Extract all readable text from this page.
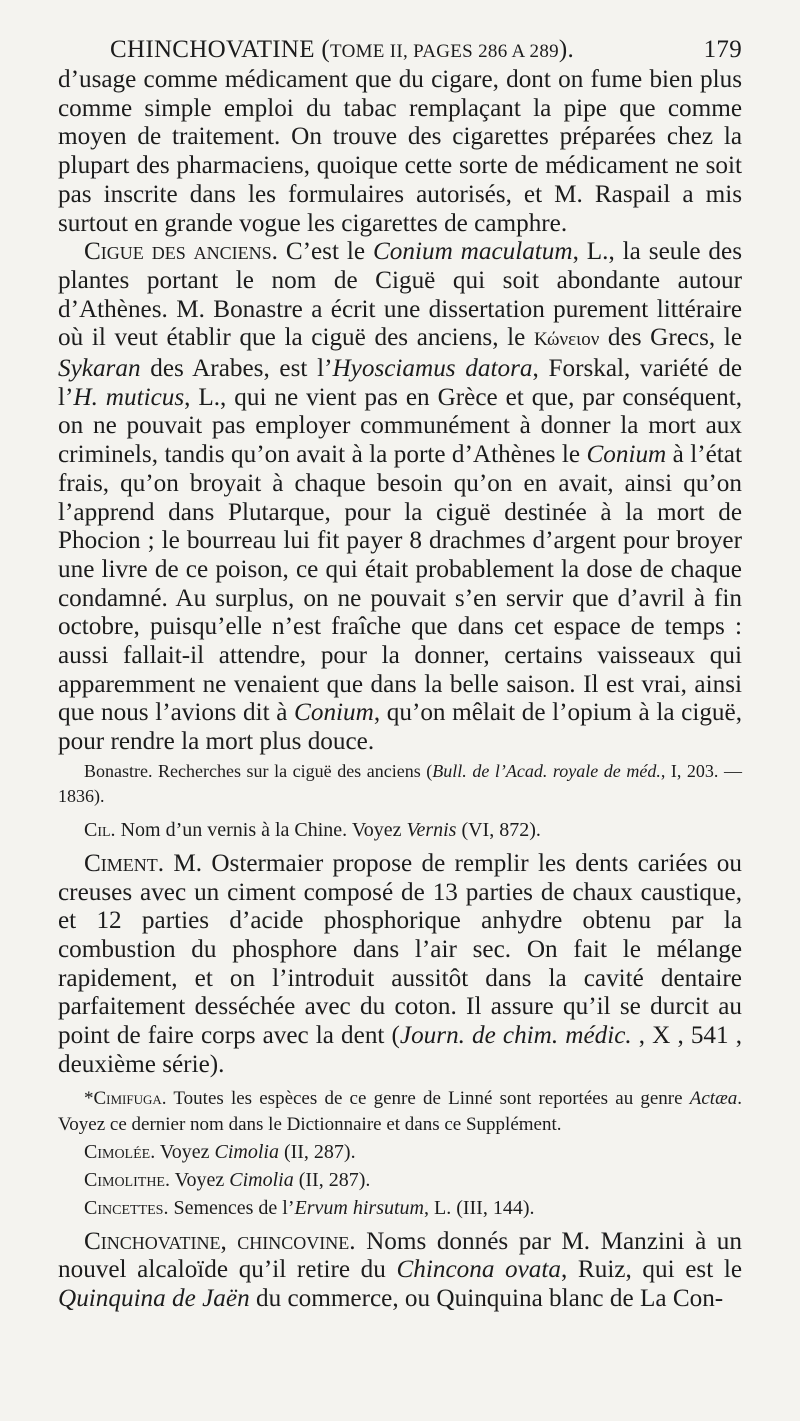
CHINCHOVATINE (TOME II, PAGES 286 A 289).	179

d’usage comme médicament que du cigare, dont on fume bien plus comme simple emploi du tabac remplaçant la pipe que comme moyen de traitement. On trouve des cigarettes préparées chez la plupart des pharmaciens, quoique cette sorte de médicament ne soit pas inscrite dans les formulaires autorisés, et M. Raspail a mis surtout en grande vogue les cigarettes de camphre.

Cigue des anciens. C’est le Conium maculatum, L., la seule des plantes portant le nom de Ciguë qui soit abondante autour d’Athènes. M. Bonastre a écrit une dissertation purement littéraire où il veut établir que la ciguë des anciens, le Κώνειον des Grecs, le Sykaran des Arabes, est l’Hyosciamus datora, Forskal, variété de l’H. muticus, L., qui ne vient pas en Grèce et que, par conséquent, on ne pouvait pas employer communément à donner la mort aux criminels, tandis qu’on avait à la porte d’Athènes le Conium à l’état frais, qu’on broyait à chaque besoin qu’on en avait, ainsi qu’on l’apprend dans Plutarque, pour la ciguë destinée à la mort de Phocion ; le bourreau lui fit payer 8 drachmes d’argent pour broyer une livre de ce poison, ce qui était probablement la dose de chaque condamné. Au surplus, on ne pouvait s’en servir que d’avril à fin octobre, puisqu’elle n’est fraîche que dans cet espace de temps : aussi fallait-il attendre, pour la donner, certains vaisseaux qui apparemment ne venaient que dans la belle saison. Il est vrai, ainsi que nous l’avions dit à Conium, qu’on mêlait de l’opium à la ciguë, pour rendre la mort plus douce.

Bonastre. Recherches sur la ciguë des anciens (Bull. de l’Acad. royale de méd., I, 203. — 1836).

Cil. Nom d’un vernis à la Chine. Voyez Vernis (VI, 872).

Ciment. M. Ostermaier propose de remplir les dents cariées ou creuses avec un ciment composé de 13 parties de chaux caustique, et 12 parties d’acide phosphorique anhydre obtenu par la combustion du phosphore dans l’air sec. On fait le mélange rapidement, et on l’introduit aussitôt dans la cavité dentaire parfaitement desséchée avec du coton. Il assure qu’il se durcit au point de faire corps avec la dent (Journ. de chim. médic. , X , 541 , deuxième série).

*Cimifuga. Toutes les espèces de ce genre de Linné sont reportées au genre Actæa. Voyez ce dernier nom dans le Dictionnaire et dans ce Supplément.

Cimolée. Voyez Cimolia (II, 287).

Cimolithe. Voyez Cimolia (II, 287).

Cincettes. Semences de l’Ervum hirsutum, L. (III, 144).

Cinchovatine, chincovine. Noms donnés par M. Manzini à un nouvel alcaloïde qu’il retire du Chincona ovata, Ruiz, qui est le Quinquina de Jaën du commerce, ou Quinquina blanc de La Con-
